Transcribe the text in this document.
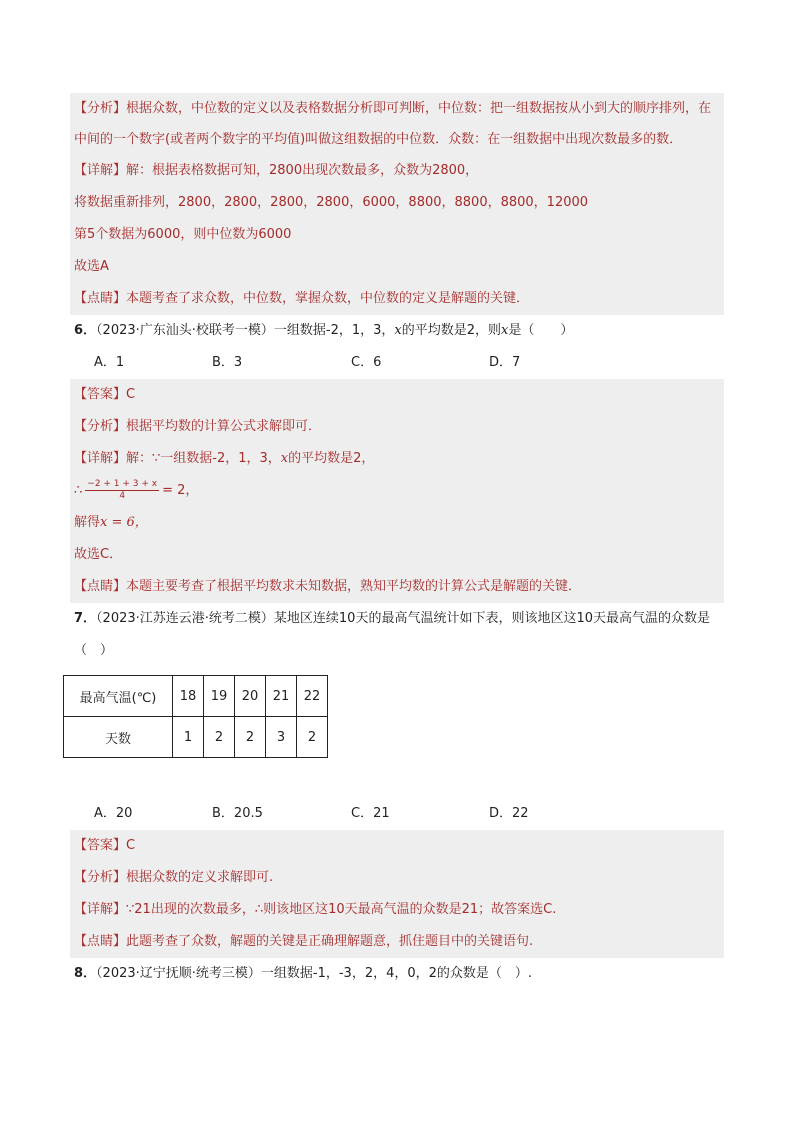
【分析】根据众数，中位数的定义以及表格数据分析即可判断，中位数：把一组数据按从小到大的顺序排列，在中间的一个数字(或者两个数字的平均值)叫做这组数据的中位数．众数：在一组数据中出现次数最多的数．
【详解】解：根据表格数据可知，2800出现次数最多，众数为2800，
将数据重新排列，2800，2800，2800，2800，6000，8800，8800，8800，12000
第5个数据为6000，则中位数为6000
故选A
【点睛】本题考查了求众数，中位数，掌握众数，中位数的定义是解题的关键．
6．（2023·广东汕头·校联考一模）一组数据-2，1，3，x的平均数是2，则x是（　　）
A．1	B．3	C．6	D．7
【答案】C
【分析】根据平均数的计算公式求解即可．
【详解】解：∵一组数据-2，1，3，x的平均数是2，
∴ $\frac{-2 + 1 + 3 + x}{4} = 2$，
解得x = 6，
故选C．
【点睛】本题主要考查了根据平均数求未知数据，熟知平均数的计算公式是解题的关键．
7．（2023·江苏连云港·统考二模）某地区连续10天的最高气温统计如下表，则该地区这10天最高气温的众数是（　）
最高气温(℃)	18	19	20	21	22
天数	1	2	2	3	2
A．20	B．20.5	C．21	D．22
【答案】C
【分析】根据众数的定义求解即可.
【详解】∵21出现的次数最多，∴则该地区这10天最高气温的众数是21；故答案选C.
【点睛】此题考查了众数，解题的关键是正确理解题意，抓住题目中的关键语句.
8．（2023·辽宁抚顺·统考三模）一组数据-1，-3，2，4，0，2的众数是（　）.
